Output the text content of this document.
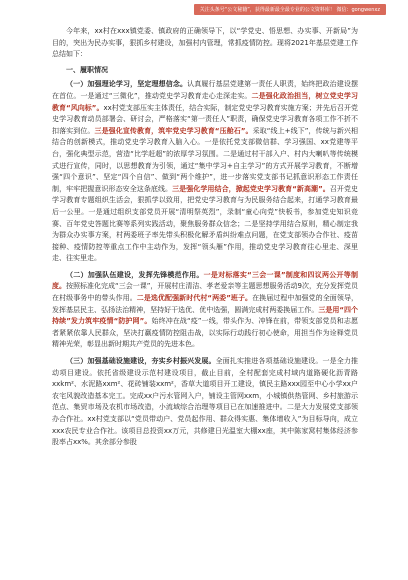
关注头条号“公文秘籍”，获得最新最全最专业的公文资料库！ 微信：gongwenxz

今年来，xx村在xxx镇党委、镇政府的正确领导下，以“学党史、悟思想、办实事、开新局”为目的，突出为民办实事，狠抓乡村建设，加强村内管理，常抓疫情防控。现将2021年基层党建工作总结如下：

一、履职情况

（一）加强理论学习，坚定理想信念。认真履行基层党建第一责任人职责，始终把政治建设摆在首位。一是通过“三微化”，推动党史学习教育走心走深走实。二是强化政治担当，树立党史学习教育“风向标”。xx村党支部压实主体责任，结合实际，制定党史学习教育实施方案；并先后召开党史学习教育动员部署会、研讨会，严格落实“第一责任人”职责，确保党史学习教育各项工作不折不扣落实到位。三是强化宣传教育，筑牢党史学习教育“压舱石”。采取“线上+线下”，传统与新兴相结合的创新模式，推动党史学习教育入脑入心。一是依托党支部微信群、学习强国、xx党建等平台，强化典型示范，营造“比学赶超”的浓厚学习氛围。二是通过村干部入户、村内大喇叭等传统模式进行宣传，同时，以思想教育为引领，通过“集中学习+自主学习”的方式开展学习教育，不断增强“四个意识”、坚定“四个自信”、做到“两个维护”，进一步落实党支部书记抓意识形态工作责任制，牢牢把握意识形态安全这条底线。三是强化学用结合，掀起党史学习教育“新高潮”。召开党史学习教育专题组织生活会，狠抓学以致用，把党史学习教育与为民服务结合起来，打通学习教育最后一公里。一是通过组织支部党员开展“清明祭英烈”，录制“童心向党”快板书，参加党史知识竞赛、百年党史答题比赛等系列实践活动，聚焦服务群众信念；二是坚持学用结合原则，精心制定我为群众办实事方案，村两委班子率先带头积极化解矛盾纠纷难点问题，在党支部领办合作社、疫苗接种、疫情防控等重点工作中主动作为，发挥“领头雁”作用，推动党史学习教育往心里走、深里走、往实里走。

（二）加强队伍建设，发挥先锋模范作用。一是对标落实“三会一课”制度和四议两公开等制度。按照标准化完成“三会一课”，开展村庄清洁、孝老爱亲等主题思想服务活动9次，充分发挥党员在村级事务中的带头作用。二是选优配强新时代村“两委”班子。在换届过程中加强党的全面领导，发挥基层民主、弘扬法治精神，坚持好干选优、优中选强，圆满完成村两委换届工作。三是用“四个持续”发力筑牢疫情“防护网”。始终冲在战“疫”一线，带头作为、冲锋在前，带领支部党员和志愿者紧紧依靠人民群众，坚决打赢疫情防控阻击战，以实际行动践行初心使命，用担当作为诠释党员精神光荣，彰显出新时期共产党员的先进本色。

（三）加强基础设施建设，夯实乡村振兴发展。全面扎实推进各项基础设施建设。一是全力推动项目建设。依托省级建设示范村建设项目，截止目前，全村配套完成村域内道路硬化沥青路xxkm²、水泥路xxm²、花砖铺装xxm²，香草大道项目开工建设，镇民主路xxx园至中心小学xx户农宅风貌改造基本完工。完成xx户污水管网入户，铺设主管网xxm，小城镇供热管网、乡村旅游示范点、集贸市场及农机市场改造，小流域综合治理等项目已在加速推进中。二是大力发展党支部领办合作社。xx村党支部以“党员带动户、党员起作用、群众得实惠、集体增收入”为目标导向，成立xxx农民专业合作社。该项目总投资xx万元，共修建日光温室大棚xx座，其中陈家窝村集体经济参股率占xx%。其余部分参股
